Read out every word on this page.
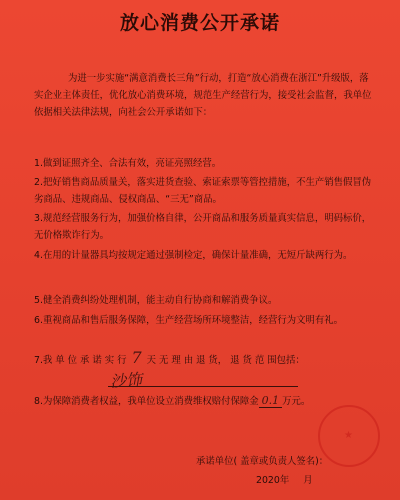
放心消费公开承诺

为进一步实施“满意消费长三角”行动，打造“放心消费在浙江”升级版，落实企业主体责任，优化放心消费环境，规范生产经营行为，接受社会监督，我单位依据相关法律法规，向社会公开承诺如下：

1.做到证照齐全、合法有效，亮证亮照经营。

2.把好销售商品质量关，落实进货查验、索证索票等管控措施，不生产销售假冒伪劣商品、违规商品、侵权商品、“三无”商品。

3.规范经营服务行为，加强价格自律，公开商品和服务质量真实信息，明码标价，无价格欺诈行为。

4.在用的计量器具均按规定通过强制检定，确保计量准确，无短斤缺两行为。

5.健全消费纠纷处理机制，能主动自行协商和解消费争议。

6.重视商品和售后服务保障，生产经营场所环境整洁，经营行为文明有礼。

7.我 单 位 承 诺 实 行 7 天 无 理 由 退 货， 退 货 范 围包括：

沙饰

8.为保障消费者权益，我单位设立消费维权赔付保障金 0.1 万元。

★

承诺单位( 盖章或负责人签名)：

2020年 月
